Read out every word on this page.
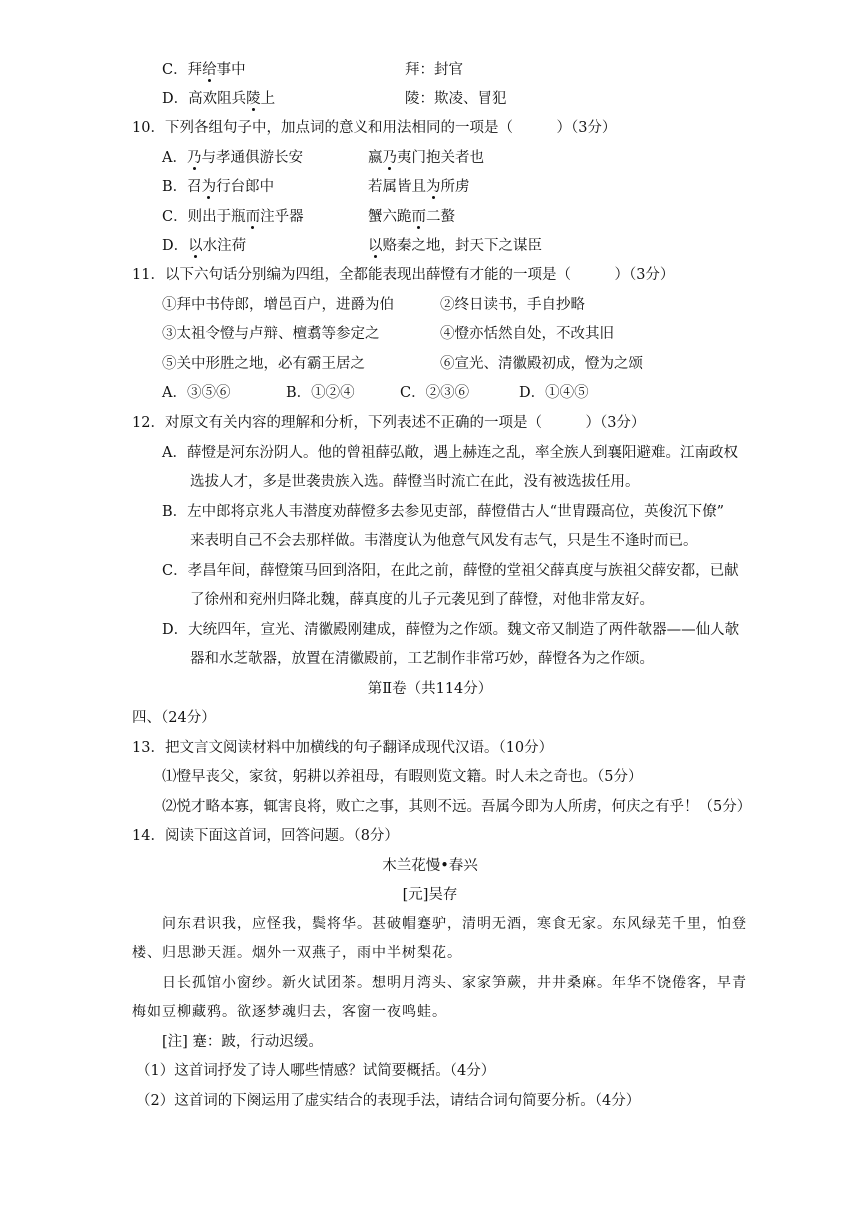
C．拜给事中	拜：封官
D．高欢阻兵陵上	陵：欺凌、冒犯
10．下列各组句子中，加点词的意义和用法相同的一项是（　　　）（3分）
A．乃与孝通俱游长安	嬴乃夷门抱关者也
B．召为行台郎中	若属皆且为所虏
C．则出于瓶而注乎器	蟹六跪而二螯
D．以水注荷	以赂秦之地，封天下之谋臣
11．以下六句话分别编为四组，全都能表现出薛憕有才能的一项是（　　　）（3分）
①拜中书侍郎，增邑百户，进爵为伯	②终日读书，手自抄略
③太祖令憕与卢辩、檀翥等参定之	④憕亦恬然自处，不改其旧
⑤关中形胜之地，必有霸王居之	⑥宣光、清徽殿初成，憕为之颂
A．③⑤⑥	B．①②④	C．②③⑥	D．①④⑤
12．对原文有关内容的理解和分析，下列表述不正确的一项是（　　　）（3分）
A．薛憕是河东汾阴人。他的曾祖薛弘敞，遇上赫连之乱，率全族人到襄阳避难。江南政权
选拔人才，多是世袭贵族入选。薛憕当时流亡在此，没有被选拔任用。
B．左中郎将京兆人韦潜度劝薛憕多去参见吏部，薛憕借古人“世胄蹑高位，英俊沉下僚”
来表明自己不会去那样做。韦潜度认为他意气风发有志气，只是生不逢时而已。
C．孝昌年间，薛憕策马回到洛阳，在此之前，薛憕的堂祖父薛真度与族祖父薛安都，已献
了徐州和兖州归降北魏，薛真度的儿子元袭见到了薛憕，对他非常友好。
D．大统四年，宣光、清徽殿刚建成，薛憕为之作颂。魏文帝又制造了两件欹器——仙人欹
器和水芝欹器，放置在清徽殿前，工艺制作非常巧妙，薛憕各为之作颂。
第Ⅱ卷（共114分）
四、（24分）
13．把文言文阅读材料中加横线的句子翻译成现代汉语。（10分）
⑴憕早丧父，家贫，躬耕以养祖母，有暇则览文籍。时人未之奇也。（5分）
⑵悦才略本寡，辄害良将，败亡之事，其则不远。吾属今即为人所虏，何庆之有乎！（5分）
14．阅读下面这首词，回答问题。（8分）
木兰花慢•春兴
[元]吴存
问东君识我，应怪我，鬓将华。甚破帽蹇驴，清明无酒，寒食无家。东风绿芜千里，怕登
楼、归思渺天涯。烟外一双燕子，雨中半树梨花。
日长孤馆小窗纱。新火试团茶。想明月湾头、家家笋蕨，井井桑麻。年华不饶倦客，早青
梅如豆柳藏鸦。欲逐梦魂归去，客窗一夜鸣蛙。
[注] 蹇：跛，行动迟缓。
（1）这首词抒发了诗人哪些情感？试简要概括。（4分）
（2）这首词的下阕运用了虚实结合的表现手法，请结合词句简要分析。（4分）
